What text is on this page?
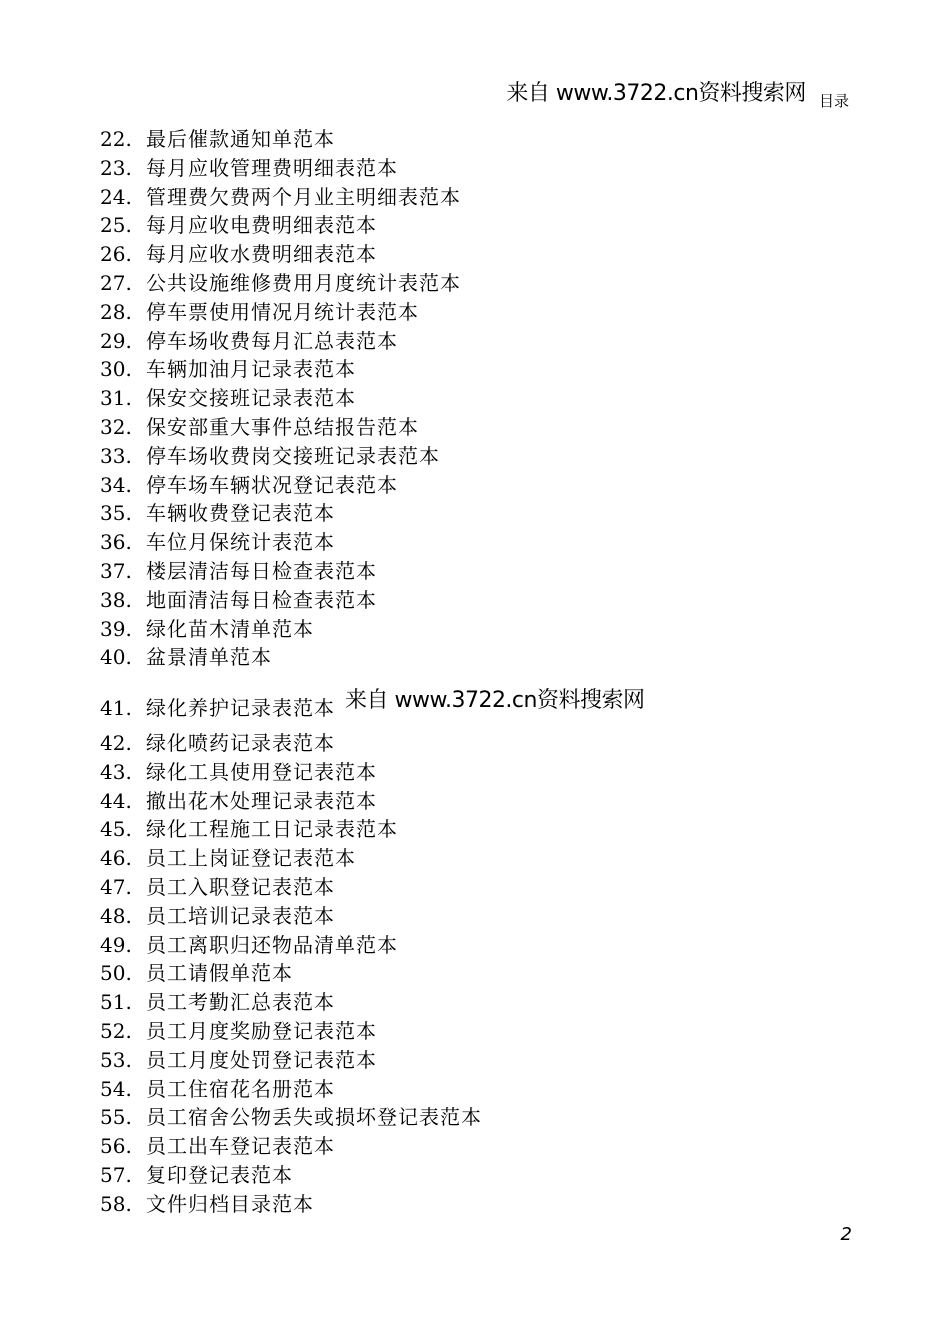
来自 www.3722.cn资料搜索网 目录
22. 最后催款通知单范本
23. 每月应收管理费明细表范本
24. 管理费欠费两个月业主明细表范本
25. 每月应收电费明细表范本
26. 每月应收水费明细表范本
27. 公共设施维修费用月度统计表范本
28. 停车票使用情况月统计表范本
29. 停车场收费每月汇总表范本
30. 车辆加油月记录表范本
31. 保安交接班记录表范本
32. 保安部重大事件总结报告范本
33. 停车场收费岗交接班记录表范本
34. 停车场车辆状况登记表范本
35. 车辆收费登记表范本
36. 车位月保统计表范本
37. 楼层清洁每日检查表范本
38. 地面清洁每日检查表范本
39. 绿化苗木清单范本
40. 盆景清单范本
41. 绿化养护记录表范本 来自 www.3722.cn资料搜索网
42. 绿化喷药记录表范本
43. 绿化工具使用登记表范本
44. 撤出花木处理记录表范本
45. 绿化工程施工日记录表范本
46. 员工上岗证登记表范本
47. 员工入职登记表范本
48. 员工培训记录表范本
49. 员工离职归还物品清单范本
50. 员工请假单范本
51. 员工考勤汇总表范本
52. 员工月度奖励登记表范本
53. 员工月度处罚登记表范本
54. 员工住宿花名册范本
55. 员工宿舍公物丢失或损坏登记表范本
56. 员工出车登记表范本
57. 复印登记表范本
58. 文件归档目录范本
2
